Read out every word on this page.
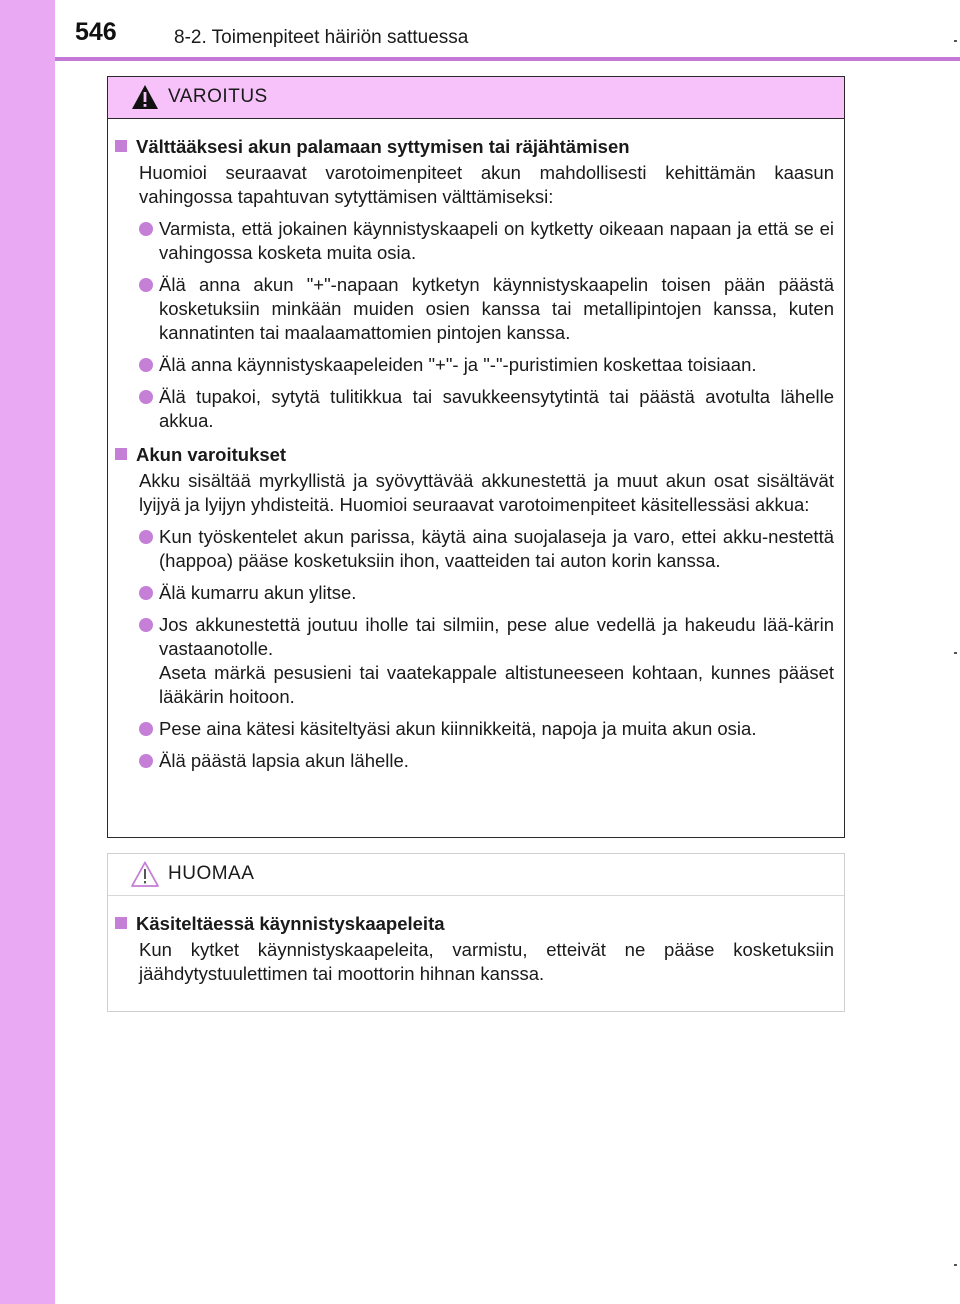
546	8-2. Toimenpiteet häiriön sattuessa
VAROITUS
Välttääksesi akun palamaan syttymisen tai räjähtämisen
Huomioi seuraavat varotoimenpiteet akun mahdollisesti kehittämän kaasun vahingossa tapahtuvan sytyttämisen välttämiseksi:
Varmista, että jokainen käynnistyskaapeli on kytketty oikeaan napaan ja että se ei vahingossa kosketa muita osia.
Älä anna akun "+"-napaan kytketyn käynnistyskaapelin toisen pään päästä kosketuksiin minkään muiden osien kanssa tai metallipintojen kanssa, kuten kannatinten tai maalaamattomien pintojen kanssa.
Älä anna käynnistyskaapeleiden "+"- ja "-"-puristimien koskettaa toisiaan.
Älä tupakoi, sytytä tulitikkua tai savukkeensytytintä tai päästä avotulta lähelle akkua.
Akun varoitukset
Akku sisältää myrkyllistä ja syövyttävää akkunestettä ja muut akun osat sisältävät lyijyä ja lyijyn yhdisteitä. Huomioi seuraavat varotoimenpiteet käsitellessäsi akkua:
Kun työskentelet akun parissa, käytä aina suojalaseja ja varo, ettei akku-nestettä (happoa) pääse kosketuksiin ihon, vaatteiden tai auton korin kanssa.
Älä kumarru akun ylitse.
Jos akkunestettä joutuu iholle tai silmiin, pese alue vedellä ja hakeudu lää-kärin vastaanotolle.
Aseta märkä pesusieni tai vaatekappale altistuneeseen kohtaan, kunnes pääset lääkärin hoitoon.
Pese aina kätesi käsiteltyäsi akun kiinnikkeitä, napoja ja muita akun osia.
Älä päästä lapsia akun lähelle.
HUOMAA
Käsiteltäessä käynnistyskaapeleita
Kun kytket käynnistyskaapeleita, varmistu, etteivät ne pääse kosketuksiin jäähdytystuulettimen tai moottorin hihnan kanssa.
